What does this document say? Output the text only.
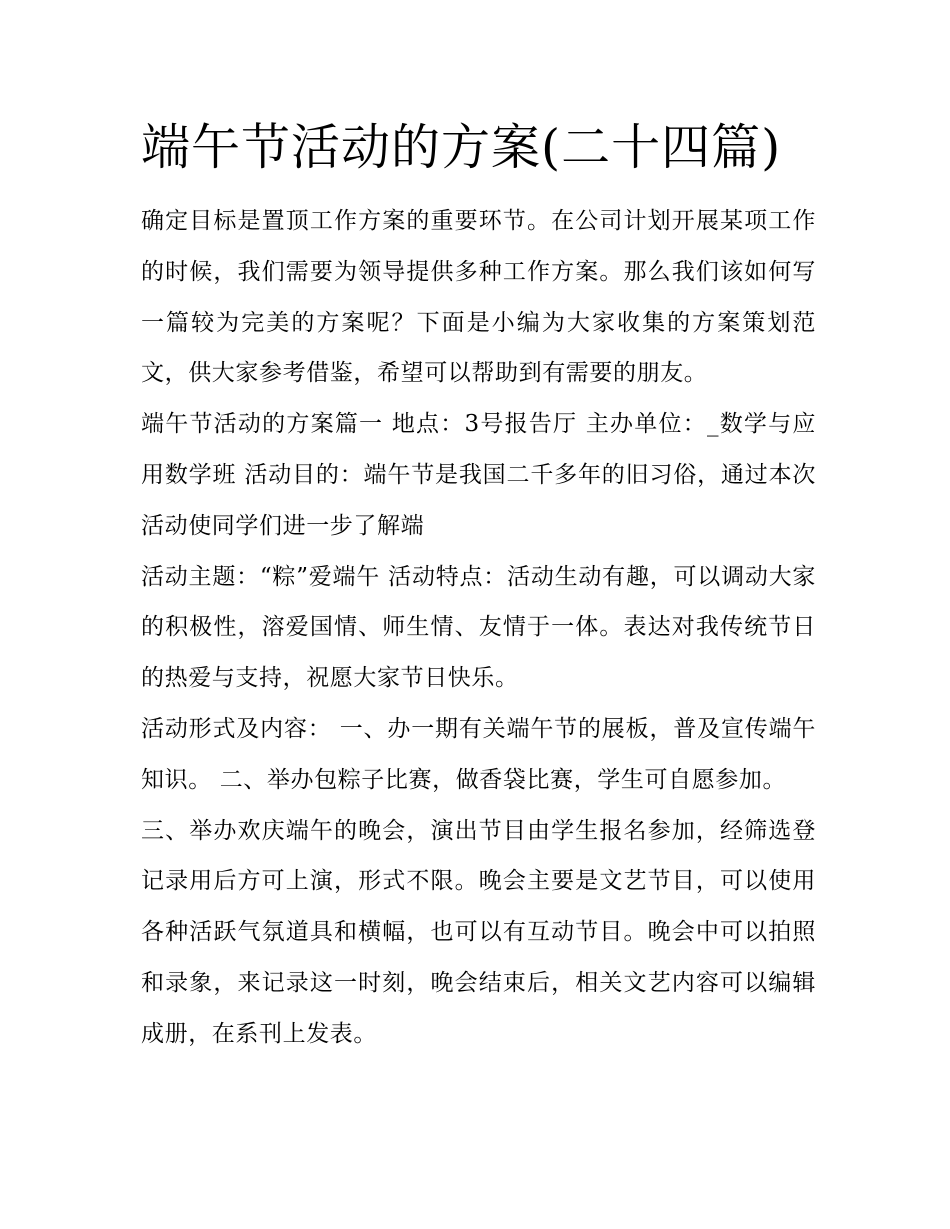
端午节活动的方案(二十四篇)

确定目标是置顶工作方案的重要环节。在公司计划开展某项工作的时候，我们需要为领导提供多种工作方案。那么我们该如何写一篇较为完美的方案呢？下面是小编为大家收集的方案策划范文，供大家参考借鉴，希望可以帮助到有需要的朋友。

端午节活动的方案篇一 地点：3号报告厅 主办单位：_数学与应用数学班 活动目的：端午节是我国二千多年的旧习俗，通过本次活动使同学们进一步了解端

活动主题：“粽”爱端午 活动特点：活动生动有趣，可以调动大家的积极性，溶爱国情、师生情、友情于一体。表达对我传统节日的热爱与支持，祝愿大家节日快乐。

活动形式及内容： 一、办一期有关端午节的展板，普及宣传端午知识。 二、举办包粽子比赛，做香袋比赛，学生可自愿参加。

三、举办欢庆端午的晚会，演出节目由学生报名参加，经筛选登记录用后方可上演，形式不限。晚会主要是文艺节目，可以使用各种活跃气氛道具和横幅，也可以有互动节目。晚会中可以拍照和录象，来记录这一时刻，晚会结束后，相关文艺内容可以编辑成册，在系刊上发表。
